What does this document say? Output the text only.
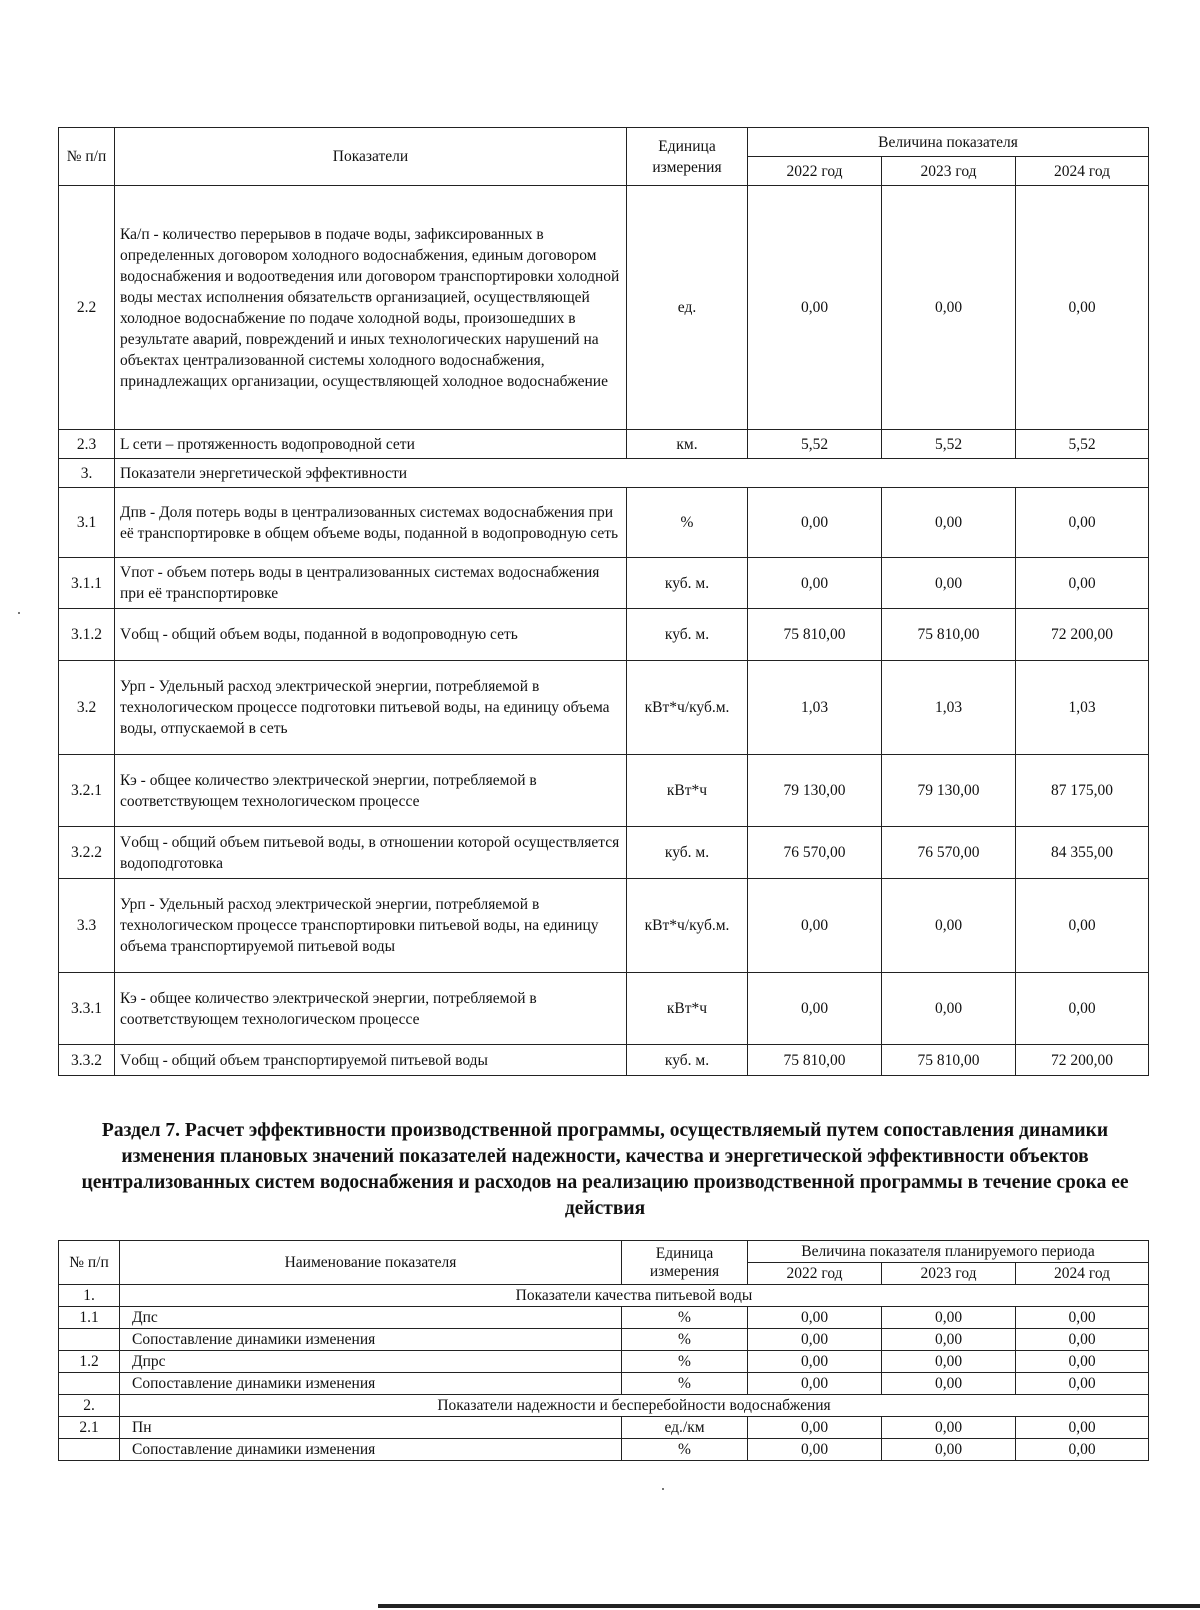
№ п/п	Показатели	Единица измерения	Величина показателя		
			2022 год	2023 год	2024 год
2.2	Ка/п - количество перерывов в подаче воды, зафиксированных в определенных договором холодного водоснабжения, единым договором водоснабжения и водоотведения или договором транспортировки холодной воды местах исполнения обязательств организацией, осуществляющей холодное водоснабжение по подаче холодной воды, произошедших в результате аварий, повреждений и иных технологических нарушений на объектах централизованной системы холодного водоснабжения, принадлежащих организации, осуществляющей холодное водоснабжение	ед.	0,00	0,00	0,00
2.3	L сети – протяженность водопроводной сети	км.	5,52	5,52	5,52
3.	Показатели энергетической эффективности				
3.1	Дпв - Доля потерь воды в централизованных системах водоснабжения при её транспортировке в общем объеме воды, поданной в водопроводную сеть	%	0,00	0,00	0,00
3.1.1	Vпот - объем потерь воды в централизованных системах водоснабжения при её транспортировке	куб. м.	0,00	0,00	0,00
3.1.2	Vобщ - общий объем воды, поданной в водопроводную сеть	куб. м.	75 810,00	75 810,00	72 200,00
3.2	Урп - Удельный расход электрической энергии, потребляемой в технологическом процессе подготовки питьевой воды, на единицу объема воды, отпускаемой в сеть	кВт*ч/куб.м.	1,03	1,03	1,03
3.2.1	Кэ - общее количество электрической энергии, потребляемой в соответствующем технологическом процессе	кВт*ч	79 130,00	79 130,00	87 175,00
3.2.2	Vобщ - общий объем питьевой воды, в отношении которой осуществляется водоподготовка	куб. м.	76 570,00	76 570,00	84 355,00
3.3	Урп - Удельный расход электрической энергии, потребляемой в технологическом процессе транспортировки питьевой воды, на единицу объема транспортируемой питьевой воды	кВт*ч/куб.м.	0,00	0,00	0,00
3.3.1	Кэ - общее количество электрической энергии, потребляемой в соответствующем технологическом процессе	кВт*ч	0,00	0,00	0,00
3.3.2	Vобщ - общий объем транспортируемой питьевой воды	куб. м.	75 810,00	75 810,00	72 200,00
Раздел 7. Расчет эффективности производственной программы, осуществляемый путем сопоставления динамики изменения плановых значений показателей надежности, качества и энергетической эффективности объектов централизованных систем водоснабжения и расходов на реализацию производственной программы в течение срока ее действия
№ п/п	Наименование показателя	Единица измерения	Величина показателя планируемого периода		
			2022 год	2023 год	2024 год
1.	Показатели качества питьевой воды				
1.1	Дпс	%	0,00	0,00	0,00
	Сопоставление динамики изменения	%	0,00	0,00	0,00
1.2	Дпрс	%	0,00	0,00	0,00
	Сопоставление динамики изменения	%	0,00	0,00	0,00
2.	Показатели надежности и бесперебойности водоснабжения				
2.1	Пн	ед./км	0,00	0,00	0,00
	Сопоставление динамики изменения	%	0,00	0,00	0,00
